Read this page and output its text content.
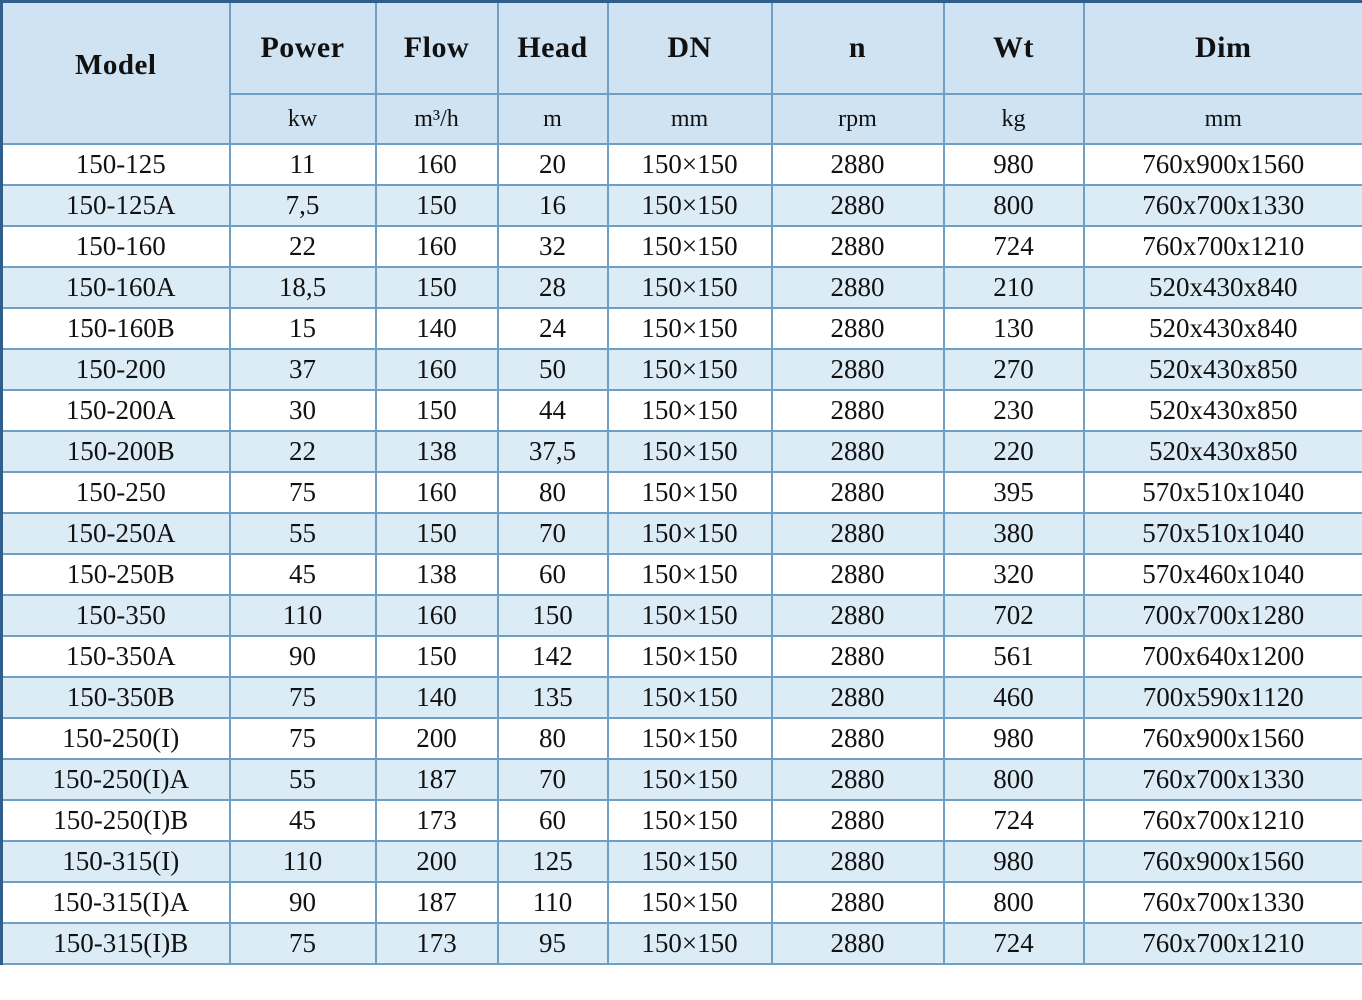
Model	Power	Flow	Head	DN	n	Wt	Dim
	kw	m³/h	m	mm	rpm	kg	mm
150-125	11	160	20	150×150	2880	980	760x900x1560
150-125A	7,5	150	16	150×150	2880	800	760x700x1330
150-160	22	160	32	150×150	2880	724	760x700x1210
150-160A	18,5	150	28	150×150	2880	210	520x430x840
150-160B	15	140	24	150×150	2880	130	520x430x840
150-200	37	160	50	150×150	2880	270	520x430x850
150-200A	30	150	44	150×150	2880	230	520x430x850
150-200B	22	138	37,5	150×150	2880	220	520x430x850
150-250	75	160	80	150×150	2880	395	570x510x1040
150-250A	55	150	70	150×150	2880	380	570x510x1040
150-250B	45	138	60	150×150	2880	320	570x460x1040
150-350	110	160	150	150×150	2880	702	700x700x1280
150-350A	90	150	142	150×150	2880	561	700x640x1200
150-350B	75	140	135	150×150	2880	460	700x590x1120
150-250(I)	75	200	80	150×150	2880	980	760x900x1560
150-250(I)A	55	187	70	150×150	2880	800	760x700x1330
150-250(I)B	45	173	60	150×150	2880	724	760x700x1210
150-315(I)	110	200	125	150×150	2880	980	760x900x1560
150-315(I)A	90	187	110	150×150	2880	800	760x700x1330
150-315(I)B	75	173	95	150×150	2880	724	760x700x1210
